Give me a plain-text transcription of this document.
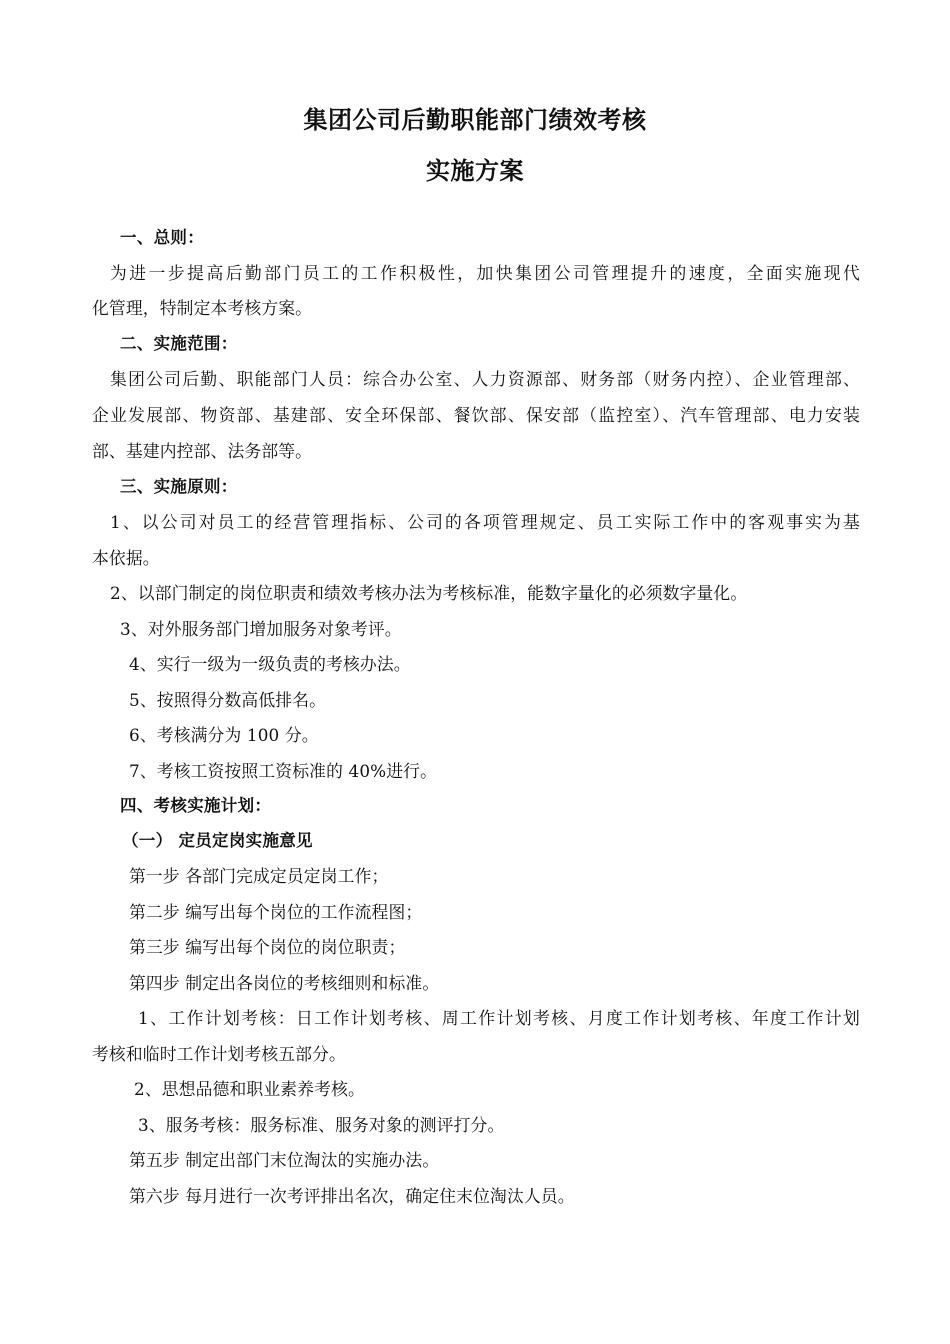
集团公司后勤职能部门绩效考核
实施方案
一、总则：
为进一步提高后勤部门员工的工作积极性，加快集团公司管理提升的速度，全面实施现代
化管理，特制定本考核方案。
二、实施范围：
集团公司后勤、职能部门人员：综合办公室、人力资源部、财务部（财务内控）、企业管理部、
企业发展部、物资部、基建部、安全环保部、餐饮部、保安部（监控室）、汽车管理部、电力安装
部、基建内控部、法务部等。
三、实施原则：
1、以公司对员工的经营管理指标、公司的各项管理规定、员工实际工作中的客观事实为基
本依据。
2、以部门制定的岗位职责和绩效考核办法为考核标准，能数字量化的必须数字量化。
3、对外服务部门增加服务对象考评。
4、实行一级为一级负责的考核办法。
5、按照得分数高低排名。
6、考核满分为 100 分。
7、考核工资按照工资标准的 40%进行。
四、考核实施计划：
（一） 定员定岗实施意见
第一步 各部门完成定员定岗工作；
第二步 编写出每个岗位的工作流程图；
第三步 编写出每个岗位的岗位职责；
第四步 制定出各岗位的考核细则和标准。
1、工作计划考核：日工作计划考核、周工作计划考核、月度工作计划考核、年度工作计划
考核和临时工作计划考核五部分。
2、思想品德和职业素养考核。
3、服务考核：服务标准、服务对象的测评打分。
第五步 制定出部门末位淘汰的实施办法。
第六步 每月进行一次考评排出名次，确定住末位淘汰人员。
